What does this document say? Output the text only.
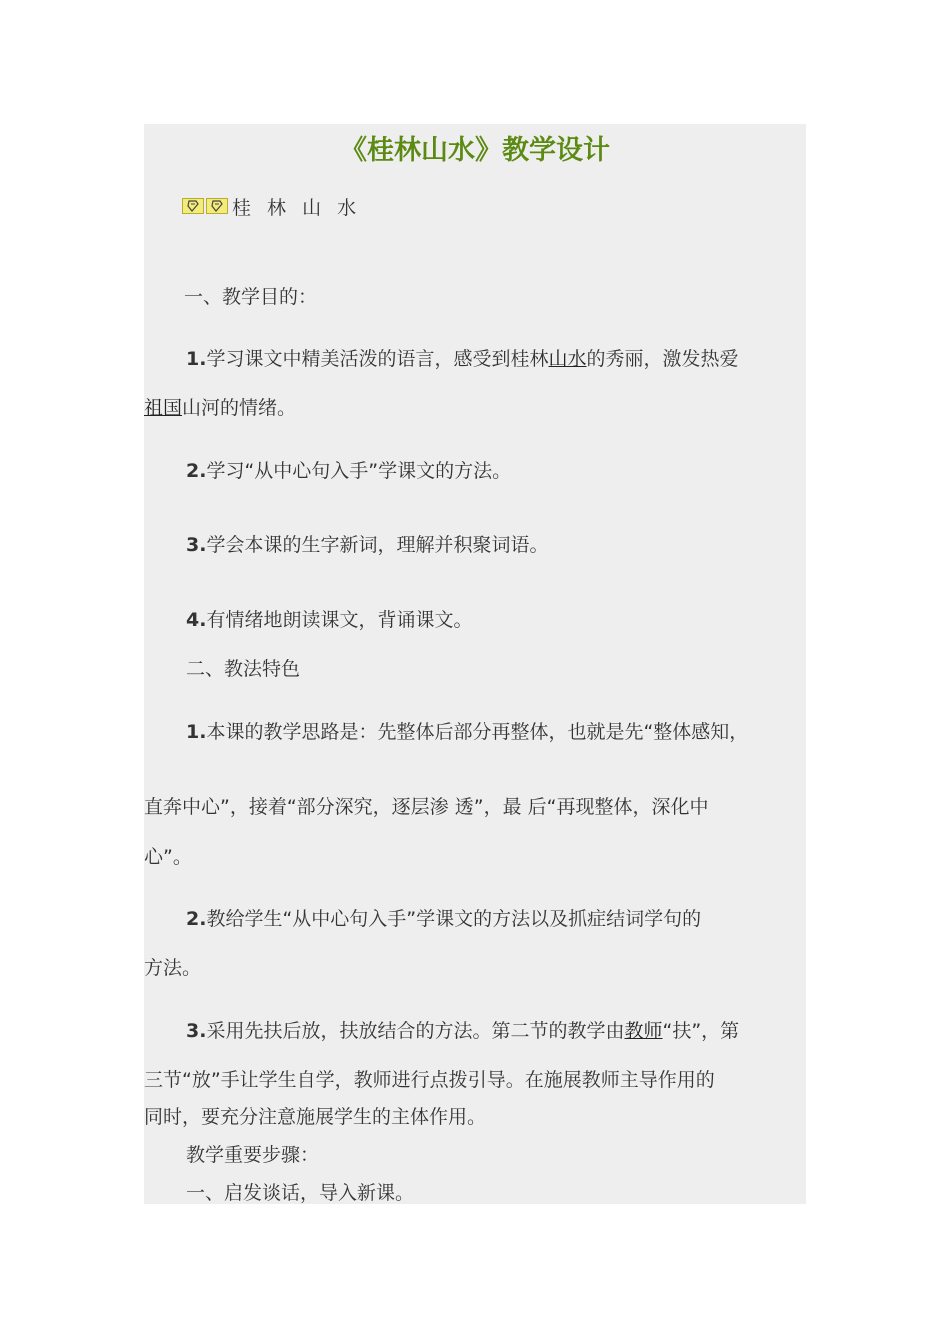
《桂林山水》教学设计
桂 林 山 水
一、教学目的：
1.学习课文中精美活泼的语言，感受到桂林山水的秀丽，激发热爱
祖国山河的情绪。
2.学习“从中心句入手”学课文的方法。
3.学会本课的生字新词，理解并积聚词语。
4.有情绪地朗读课文，背诵课文。
二、教法特色
1.本课的教学思路是：先整体后部分再整体，也就是先“整体感知，
直奔中心”，接着“部分深究，逐层渗 透”，最 后“再现整体，深化中
心”。
2.教给学生“从中心句入手”学课文的方法以及抓症结词学句的
方法。
3.采用先扶后放，扶放结合的方法。第二节的教学由教师“扶”，第
三节“放”手让学生自学，教师进行点拨引导。在施展教师主导作用的
同时，要充分注意施展学生的主体作用。
教学重要步骤：
一、启发谈话，导入新课。
